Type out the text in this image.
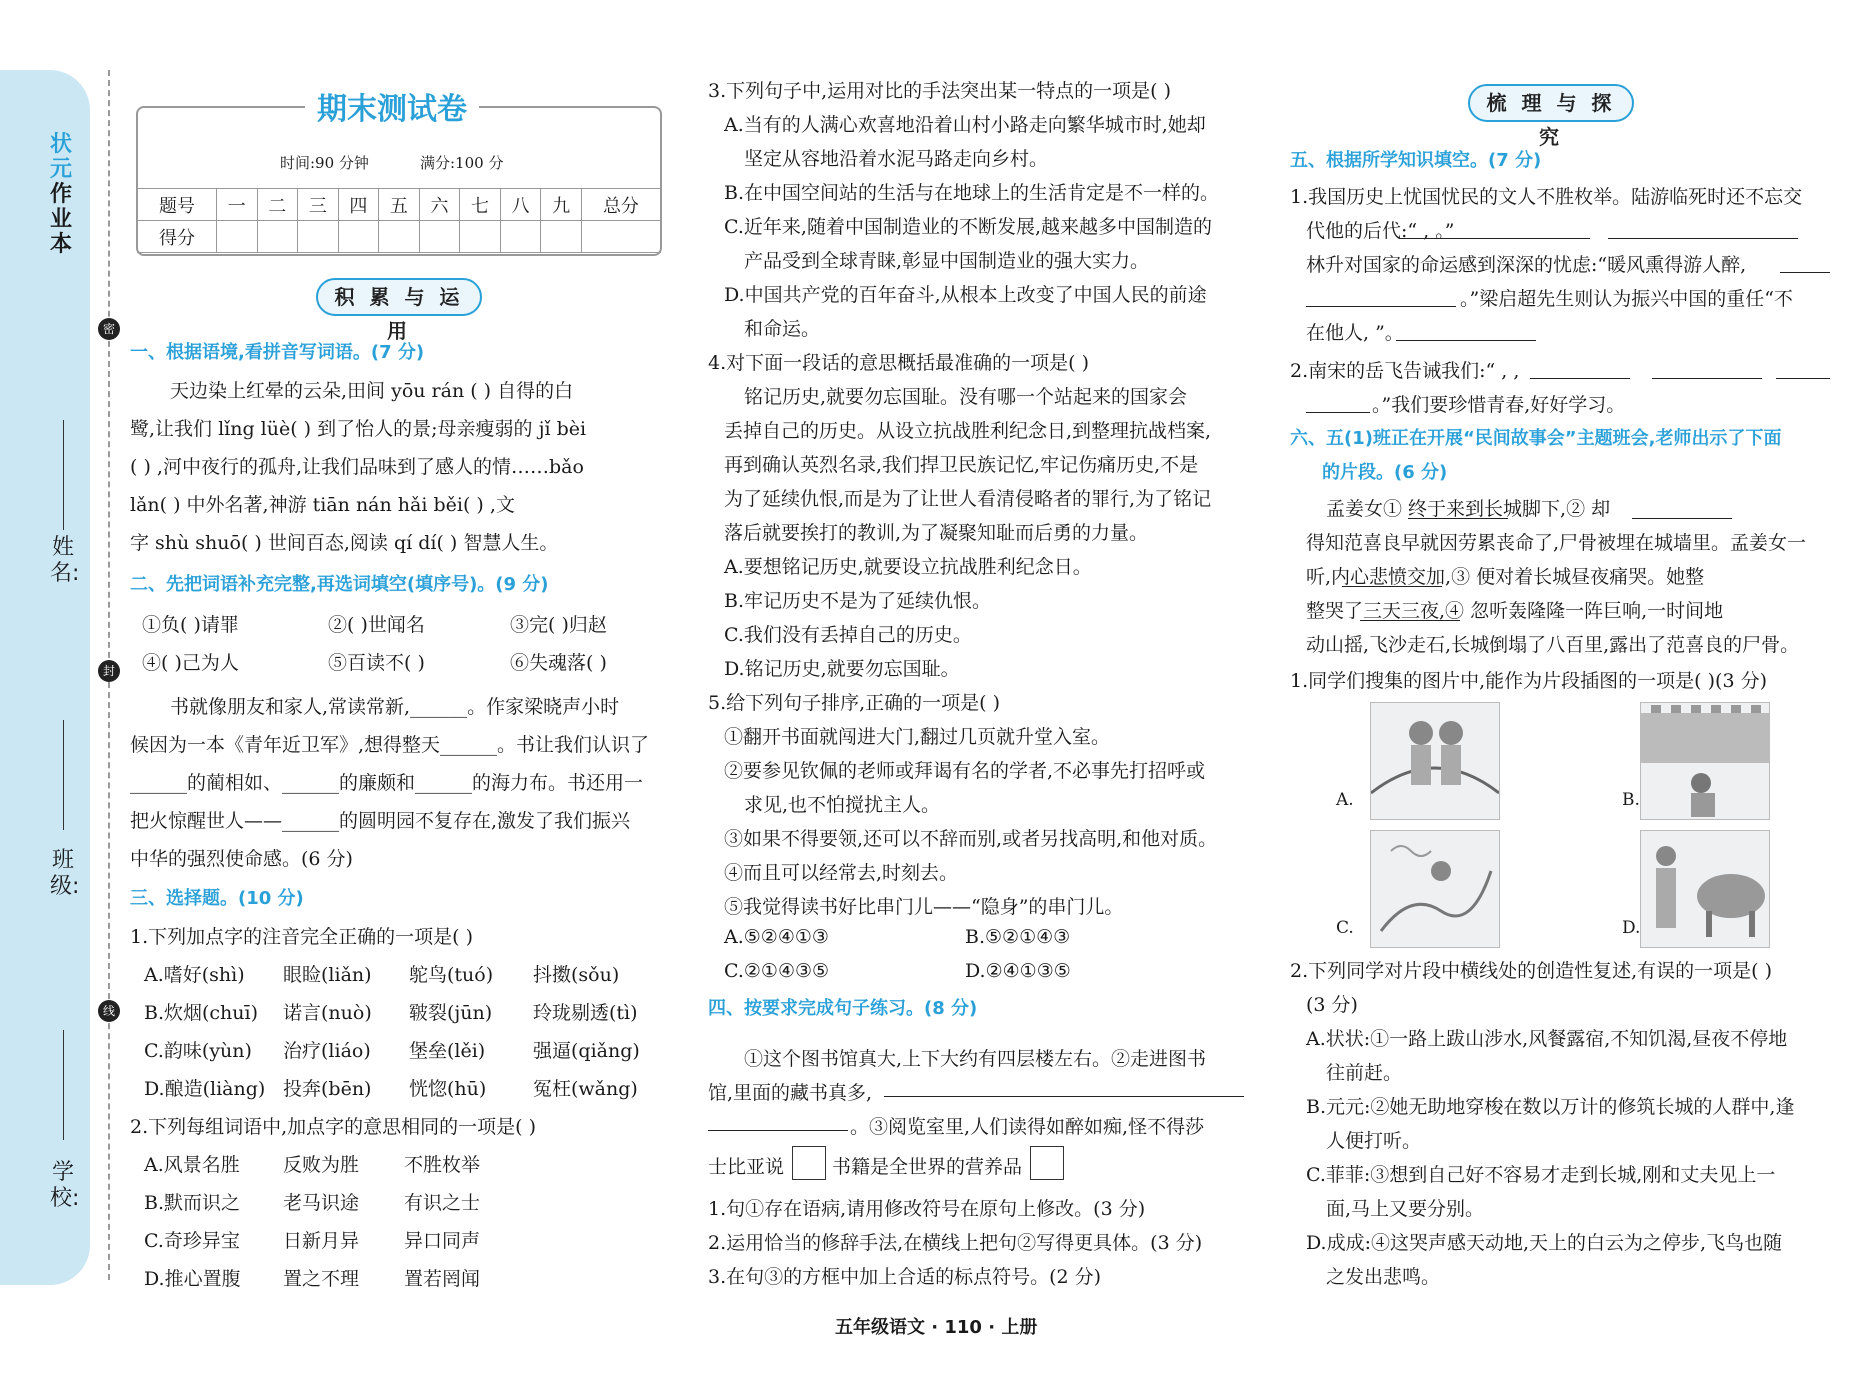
状元
作业
本
姓名:
班级:
学校:
密
封
线
期末测试卷
时间:90 分钟	满分:100 分
题号	一	二	三	四	五	六	七	八	九	总分
得分										
积 累 与 运 用
一、根据语境,看拼音写词语。(7 分)
天边染上红晕的云朵,田间 yōu rán ( ) 自得的白
鹭,让我们 lǐng lüè( ) 到了怡人的景;母亲瘦弱的 jǐ bèi
( ) ,河中夜行的孤舟,让我们品味到了感人的情……bǎo
lǎn( ) 中外名著,神游 tiān nán hǎi běi( ) ,文
字 shù shuō( ) 世间百态,阅读 qí dí( ) 智慧人生。
二、先把词语补充完整,再选词填空(填序号)。(9 分)
①负( )请罪	②( )世闻名	③完( )归赵
④( )己为人	⑤百读不( )	⑥失魂落( )
书就像朋友和家人,常读常新,______。作家梁晓声小时
候因为一本《青年近卫军》,想得整天______。书让我们认识了
______的蔺相如、______的廉颇和______的海力布。书还用一
把火惊醒世人——______的圆明园不复存在,激发了我们振兴
中华的强烈使命感。(6 分)
三、选择题。(10 分)
1.下列加点字的注音完全正确的一项是( )
A.嗜好(shì) 眼睑(liǎn) 鸵鸟(tuó) 抖擞(sǒu)
B.炊烟(chuī) 诺言(nuò) 皲裂(jūn) 玲珑剔透(tì)
C.韵味(yùn) 治疗(liáo) 堡垒(lěi)	强逼(qiǎng)
D.酿造(liàng) 投奔(bēn) 恍惚(hū) 冤枉(wǎng)
2.下列每组词语中,加点字的意思相同的一项是( )
A.风景名胜 反败为胜 不胜枚举
B.默而识之 老马识途 有识之士
C.奇珍异宝 日新月异 异口同声
D.推心置腹 置之不理 置若罔闻
3.下列句子中,运用对比的手法突出某一特点的一项是( )
A.当有的人满心欢喜地沿着山村小路走向繁华城市时,她却
坚定从容地沿着水泥马路走向乡村。
B.在中国空间站的生活与在地球上的生活肯定是不一样的。
C.近年来,随着中国制造业的不断发展,越来越多中国制造的
产品受到全球青睐,彰显中国制造业的强大实力。
D.中国共产党的百年奋斗,从根本上改变了中国人民的前途
和命运。
4.对下面一段话的意思概括最准确的一项是( )
铭记历史,就要勿忘国耻。没有哪一个站起来的国家会
丢掉自己的历史。从设立抗战胜利纪念日,到整理抗战档案,
再到确认英烈名录,我们捍卫民族记忆,牢记伤痛历史,不是
为了延续仇恨,而是为了让世人看清侵略者的罪行,为了铭记
落后就要挨打的教训,为了凝聚知耻而后勇的力量。
A.要想铭记历史,就要设立抗战胜利纪念日。
B.牢记历史不是为了延续仇恨。
C.我们没有丢掉自己的历史。
D.铭记历史,就要勿忘国耻。
5.给下列句子排序,正确的一项是( )
①翻开书面就闯进大门,翻过几页就升堂入室。
②要参见钦佩的老师或拜谒有名的学者,不必事先打招呼或
求见,也不怕搅扰主人。
③如果不得要领,还可以不辞而别,或者另找高明,和他对质。
④而且可以经常去,时刻去。
⑤我觉得读书好比串门儿——“隐身”的串门儿。
A.⑤②④①③	B.⑤②①④③
C.②①④③⑤	D.②④①③⑤
四、按要求完成句子练习。(8 分)
①这个图书馆真大,上下大约有四层楼左右。②走进图书
馆,里面的藏书真多,
。③阅览室里,人们读得如醉如痴,怪不得莎
士比亚说	书籍是全世界的营养品
1.句①存在语病,请用修改符号在原句上修改。(3 分)
2.运用恰当的修辞手法,在横线上把句②写得更具体。(3 分)
3.在句③的方框中加上合适的标点符号。(2 分)
梳 理 与 探 究
五、根据所学知识填空。(7 分)
1.我国历史上忧国忧民的文人不胜枚举。陆游临死时还不忘交
代他的后代:“ , 。”
林升对国家的命运感到深深的忧虑:“暖风熏得游人醉,
。”梁启超先生则认为振兴中国的重任“不
在他人, ”。
2.南宋的岳飞告诫我们:“ , ,
。”我们要珍惜青春,好好学习。
六、五(1)班正在开展“民间故事会”主题班会,老师出示了下面
的片段。(6 分)
孟姜女① 终于来到长城脚下,② 却
得知范喜良早就因劳累丧命了,尸骨被埋在城墙里。孟姜女一
听,内心悲愤交加,③ 便对着长城昼夜痛哭。她整
整哭了三天三夜,④ 忽听轰隆隆一阵巨响,一时间地
动山摇,飞沙走石,长城倒塌了八百里,露出了范喜良的尸骨。
1.同学们搜集的图片中,能作为片段插图的一项是( )(3 分)
A.	B.
C.	D.
2.下列同学对片段中横线处的创造性复述,有误的一项是( )
(3 分)
A.状状:①一路上跋山涉水,风餐露宿,不知饥渴,昼夜不停地
往前赶。
B.元元:②她无助地穿梭在数以万计的修筑长城的人群中,逢
人便打听。
C.菲菲:③想到自己好不容易才走到长城,刚和丈夫见上一
面,马上又要分别。
D.成成:④这哭声感天动地,天上的白云为之停步,飞鸟也随
之发出悲鸣。
五年级语文 · 110 · 上册
